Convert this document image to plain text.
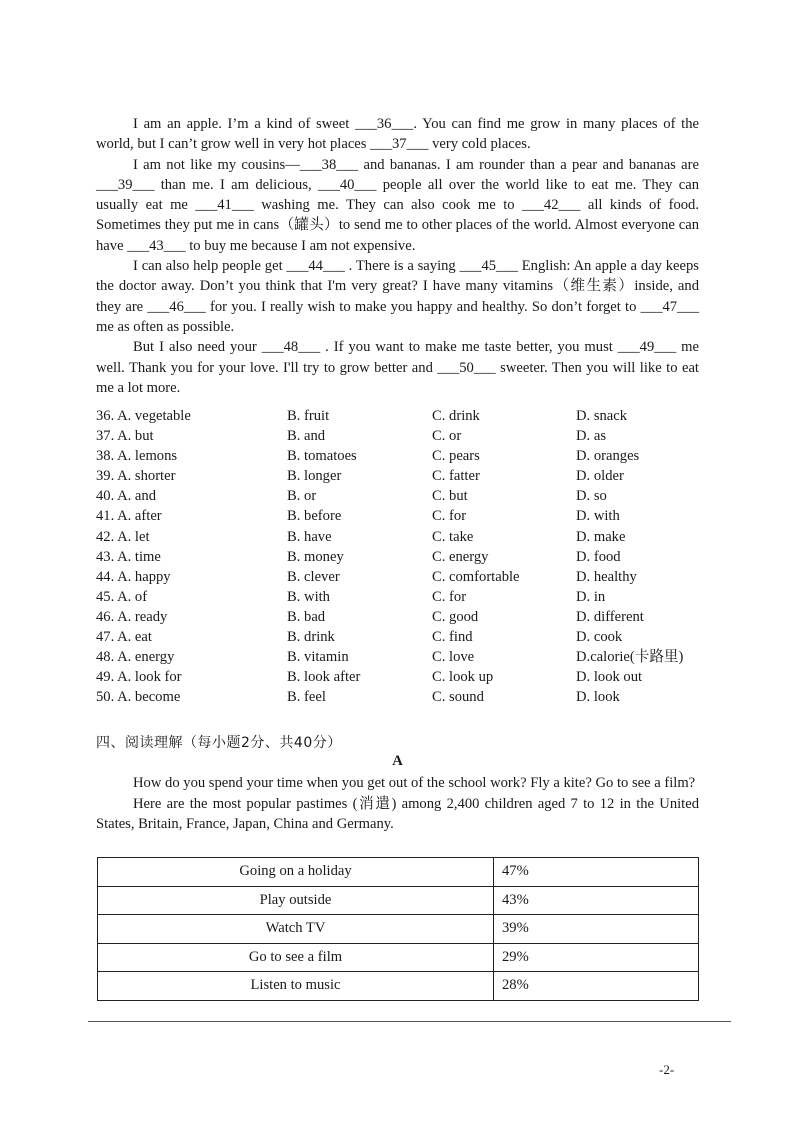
I am an apple. I’m a kind of sweet ___36___. You can find me grow in many places of the world, but I can’t grow well in very hot places ___37___ very cold places.

I am not like my cousins—___38___ and bananas. I am rounder than a pear and bananas are ___39___ than me. I am delicious, ___40___ people all over the world like to eat me. They can usually eat me ___41___ washing me. They can also cook me to ___42___ all kinds of food. Sometimes they put me in cans（罐头）to send me to other places of the world. Almost everyone can have ___43___ to buy me because I am not expensive.

I can also help people get ___44___ . There is a saying ___45___ English: An apple a day keeps the doctor away. Don’t you think that I'm very great? I have many vitamins（维生素）inside, and they are ___46___ for you. I really wish to make you happy and healthy. So don’t forget to ___47___ me as often as possible.

But I also need your ___48___ . If you want to make me taste better, you must ___49___ me well. Thank you for your love. I'll try to grow better and ___50___ sweeter. Then you will like to eat me a lot more.

36. A. vegetable	B. fruit	C. drink	D. snack
37. A. but	B. and	C. or	D. as
38. A. lemons	B. tomatoes	C. pears	D. oranges
39. A. shorter	B. longer	C. fatter	D. older
40. A. and	B. or	C. but	D. so
41. A. after	B. before	C. for	D. with
42. A. let	B. have	C. take	D. make
43. A. time	B. money	C. energy	D. food
44. A. happy	B. clever	C. comfortable	D. healthy
45. A. of	B. with	C. for	D. in
46. A. ready	B. bad	C. good	D. different
47. A. eat	B. drink	C. find	D. cook
48. A. energy	B. vitamin	C. love	D.calorie(卡路里)
49. A. look for	B. look after	C. look up	D. look out
50. A. become	B. feel	C. sound	D. look
四、阅读理解（每小题2分、共40分）
A

How do you spend your time when you get out of the school work? Fly a kite? Go to see a film?

Here are the most popular pastimes (消遣) among 2,400 children aged 7 to 12 in the United States, Britain, France, Japan, China and Germany.

Going on a holiday	47%
Play outside	43%
Watch TV	39%
Go to see a film	29%
Listen to music	28%
-2-
